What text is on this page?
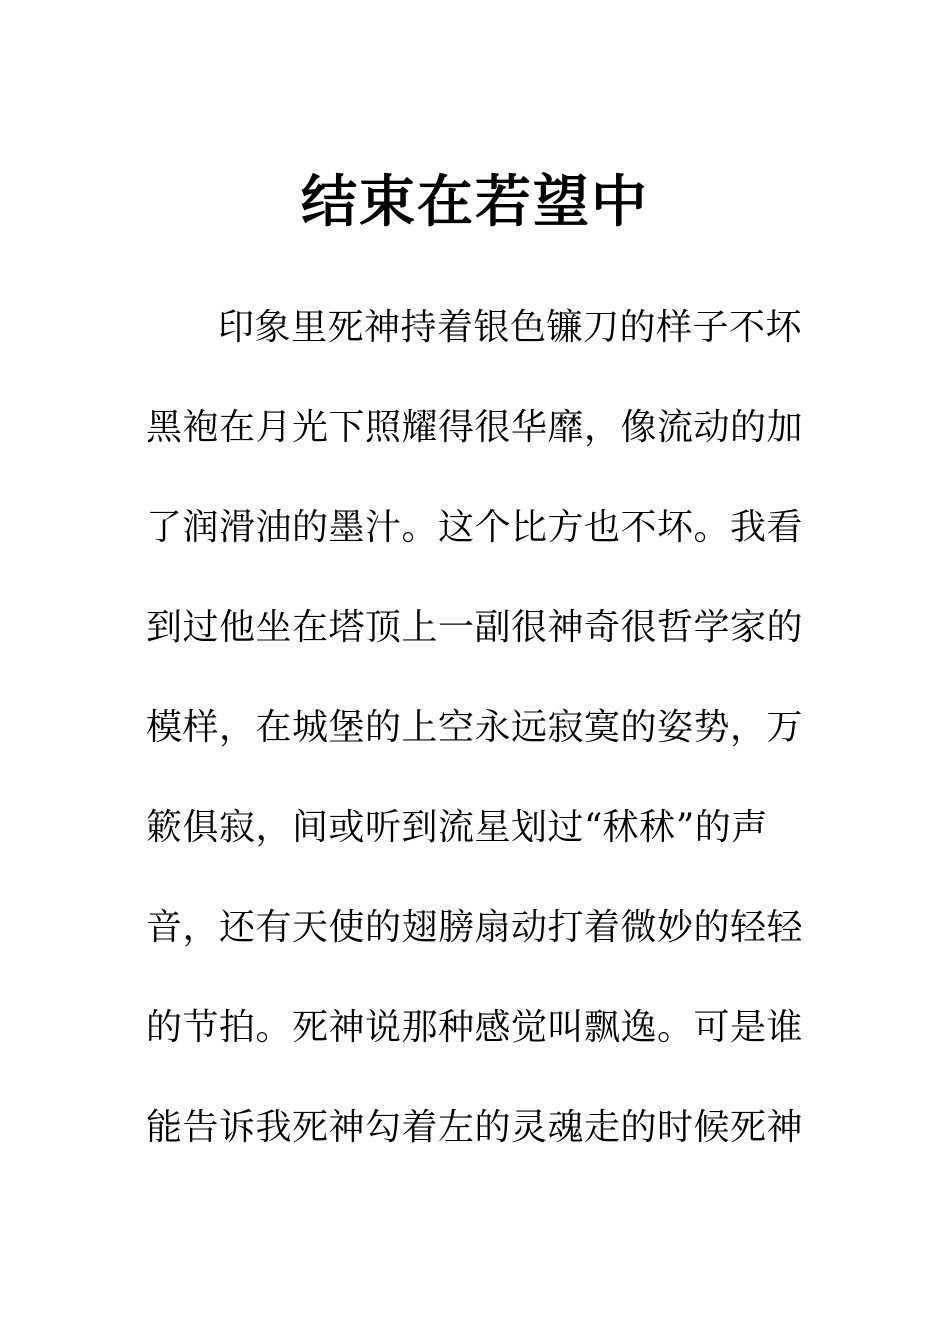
结束在若望中
印象里死神持着银色镰刀的样子不坏
黑袍在月光下照耀得很华靡，像流动的加
了润滑油的墨汁。这个比方也不坏。我看
到过他坐在塔顶上一副很神奇很哲学家的
模样，在城堡的上空永远寂寞的姿势，万
簌俱寂，间或听到流星划过“秫秫”的声
音，还有天使的翅膀扇动打着微妙的轻轻
的节拍。死神说那种感觉叫飘逸。可是谁
能告诉我死神勾着左的灵魂走的时候死神
